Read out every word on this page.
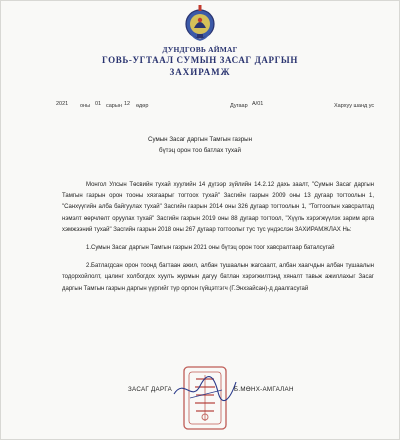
ДУНДГОВЬ АЙМАГ
ГОВЬ-УГТААЛ СУМЫН ЗАСАГ ДАРГЫН
ЗАХИРАМЖ
2021 оны 01 сарын 12 өдөр	Дугаар А/01	Хархуу шанд ус
Сумын Засаг даргын Тамгын газрын
бүтэц орон тоо батлах тухай

Монгол Улсын Төсвийн тухай хуулийн 14 дүгээр зүйлийн 14.2.12 дахь заалт, "Сумын Засаг даргын Тамгын газрын орон тооны хязгаарыг тогтоох тухай" Засгийн газрын 2009 оны 13 дугаар тогтоолын 1, "Санхүүгийн алба байгуулах тухай" Засгийн газрын 2014 оны 326 дугаар тогтоолын 1, "Тогтоолын хавсралтад нэмэлт өөрчлөлт оруулах тухай" Засгийн газрын 2019 оны 88 дугаар тогтоол, "Хүүль хэрэгжүүлэх зарим арга хэмжээний тухай" Засгийн газрын 2018 оны 267 дугаар тогтоолыг тус тус үндэслэн ЗАХИРАМЖЛАХ Нь:

1.Сумын Засаг даргын Тамгын газрын 2021 оны бүтэц орон тоог хавсралтаар баталсугай

2.Батлагдсан орон тоонд багтаан ажил, албан тушаалын жагсаалт, албан хаагчдын албан тушаалын тодорхойлолт, цалинг холбогдох хуулъ журмын дагуу батлан хэрэгжилтэнд хяналт тавьж ажиллахыг Засаг даргын Тамгын газрын даргын үүргийг түр орлон гүйцэтгэгч (Г.Энхзайсан)-д даалгасугай

ЗАСАГ ДАРГА	Б.МӨНХ-АМГАЛАН
